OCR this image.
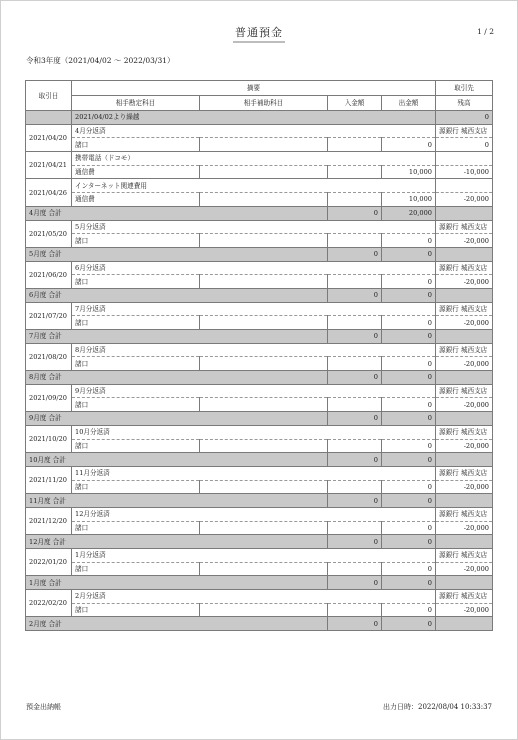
普通預金	1 / 2
令和3年度（2021/04/02 ～ 2022/03/31）
取引日	摘要				取引先
	相手勘定科目	相手補助科目	入金額	出金額	残高
	2021/04/02より繰越				0
2021/04/20	4月分返済				源銀行 城西支店
	諸口			0	0
2021/04/21	携帯電話（ドコモ）				
	通信費			10,000	-10,000
2021/04/26	インターネット関連費用				
	通信費			10,000	-20,000
4月度 合計			0	20,000	
2021/05/20	5月分返済				源銀行 城西支店
	諸口			0	-20,000
5月度 合計			0	0	
2021/06/20	6月分返済				源銀行 城西支店
	諸口			0	-20,000
6月度 合計			0	0	
2021/07/20	7月分返済				源銀行 城西支店
	諸口			0	-20,000
7月度 合計			0	0	
2021/08/20	8月分返済				源銀行 城西支店
	諸口			0	-20,000
8月度 合計			0	0	
2021/09/20	9月分返済				源銀行 城西支店
	諸口			0	-20,000
9月度 合計			0	0	
2021/10/20	10月分返済				源銀行 城西支店
	諸口			0	-20,000
10月度 合計			0	0	
2021/11/20	11月分返済				源銀行 城西支店
	諸口			0	-20,000
11月度 合計			0	0	
2021/12/20	12月分返済				源銀行 城西支店
	諸口			0	-20,000
12月度 合計			0	0	
2022/01/20	1月分返済				源銀行 城西支店
	諸口			0	-20,000
1月度 合計			0	0	
2022/02/20	2月分返済				源銀行 城西支店
	諸口			0	-20,000
2月度 合計			0	0	
預金出納帳	出力日時：2022/08/04 10:33:37
